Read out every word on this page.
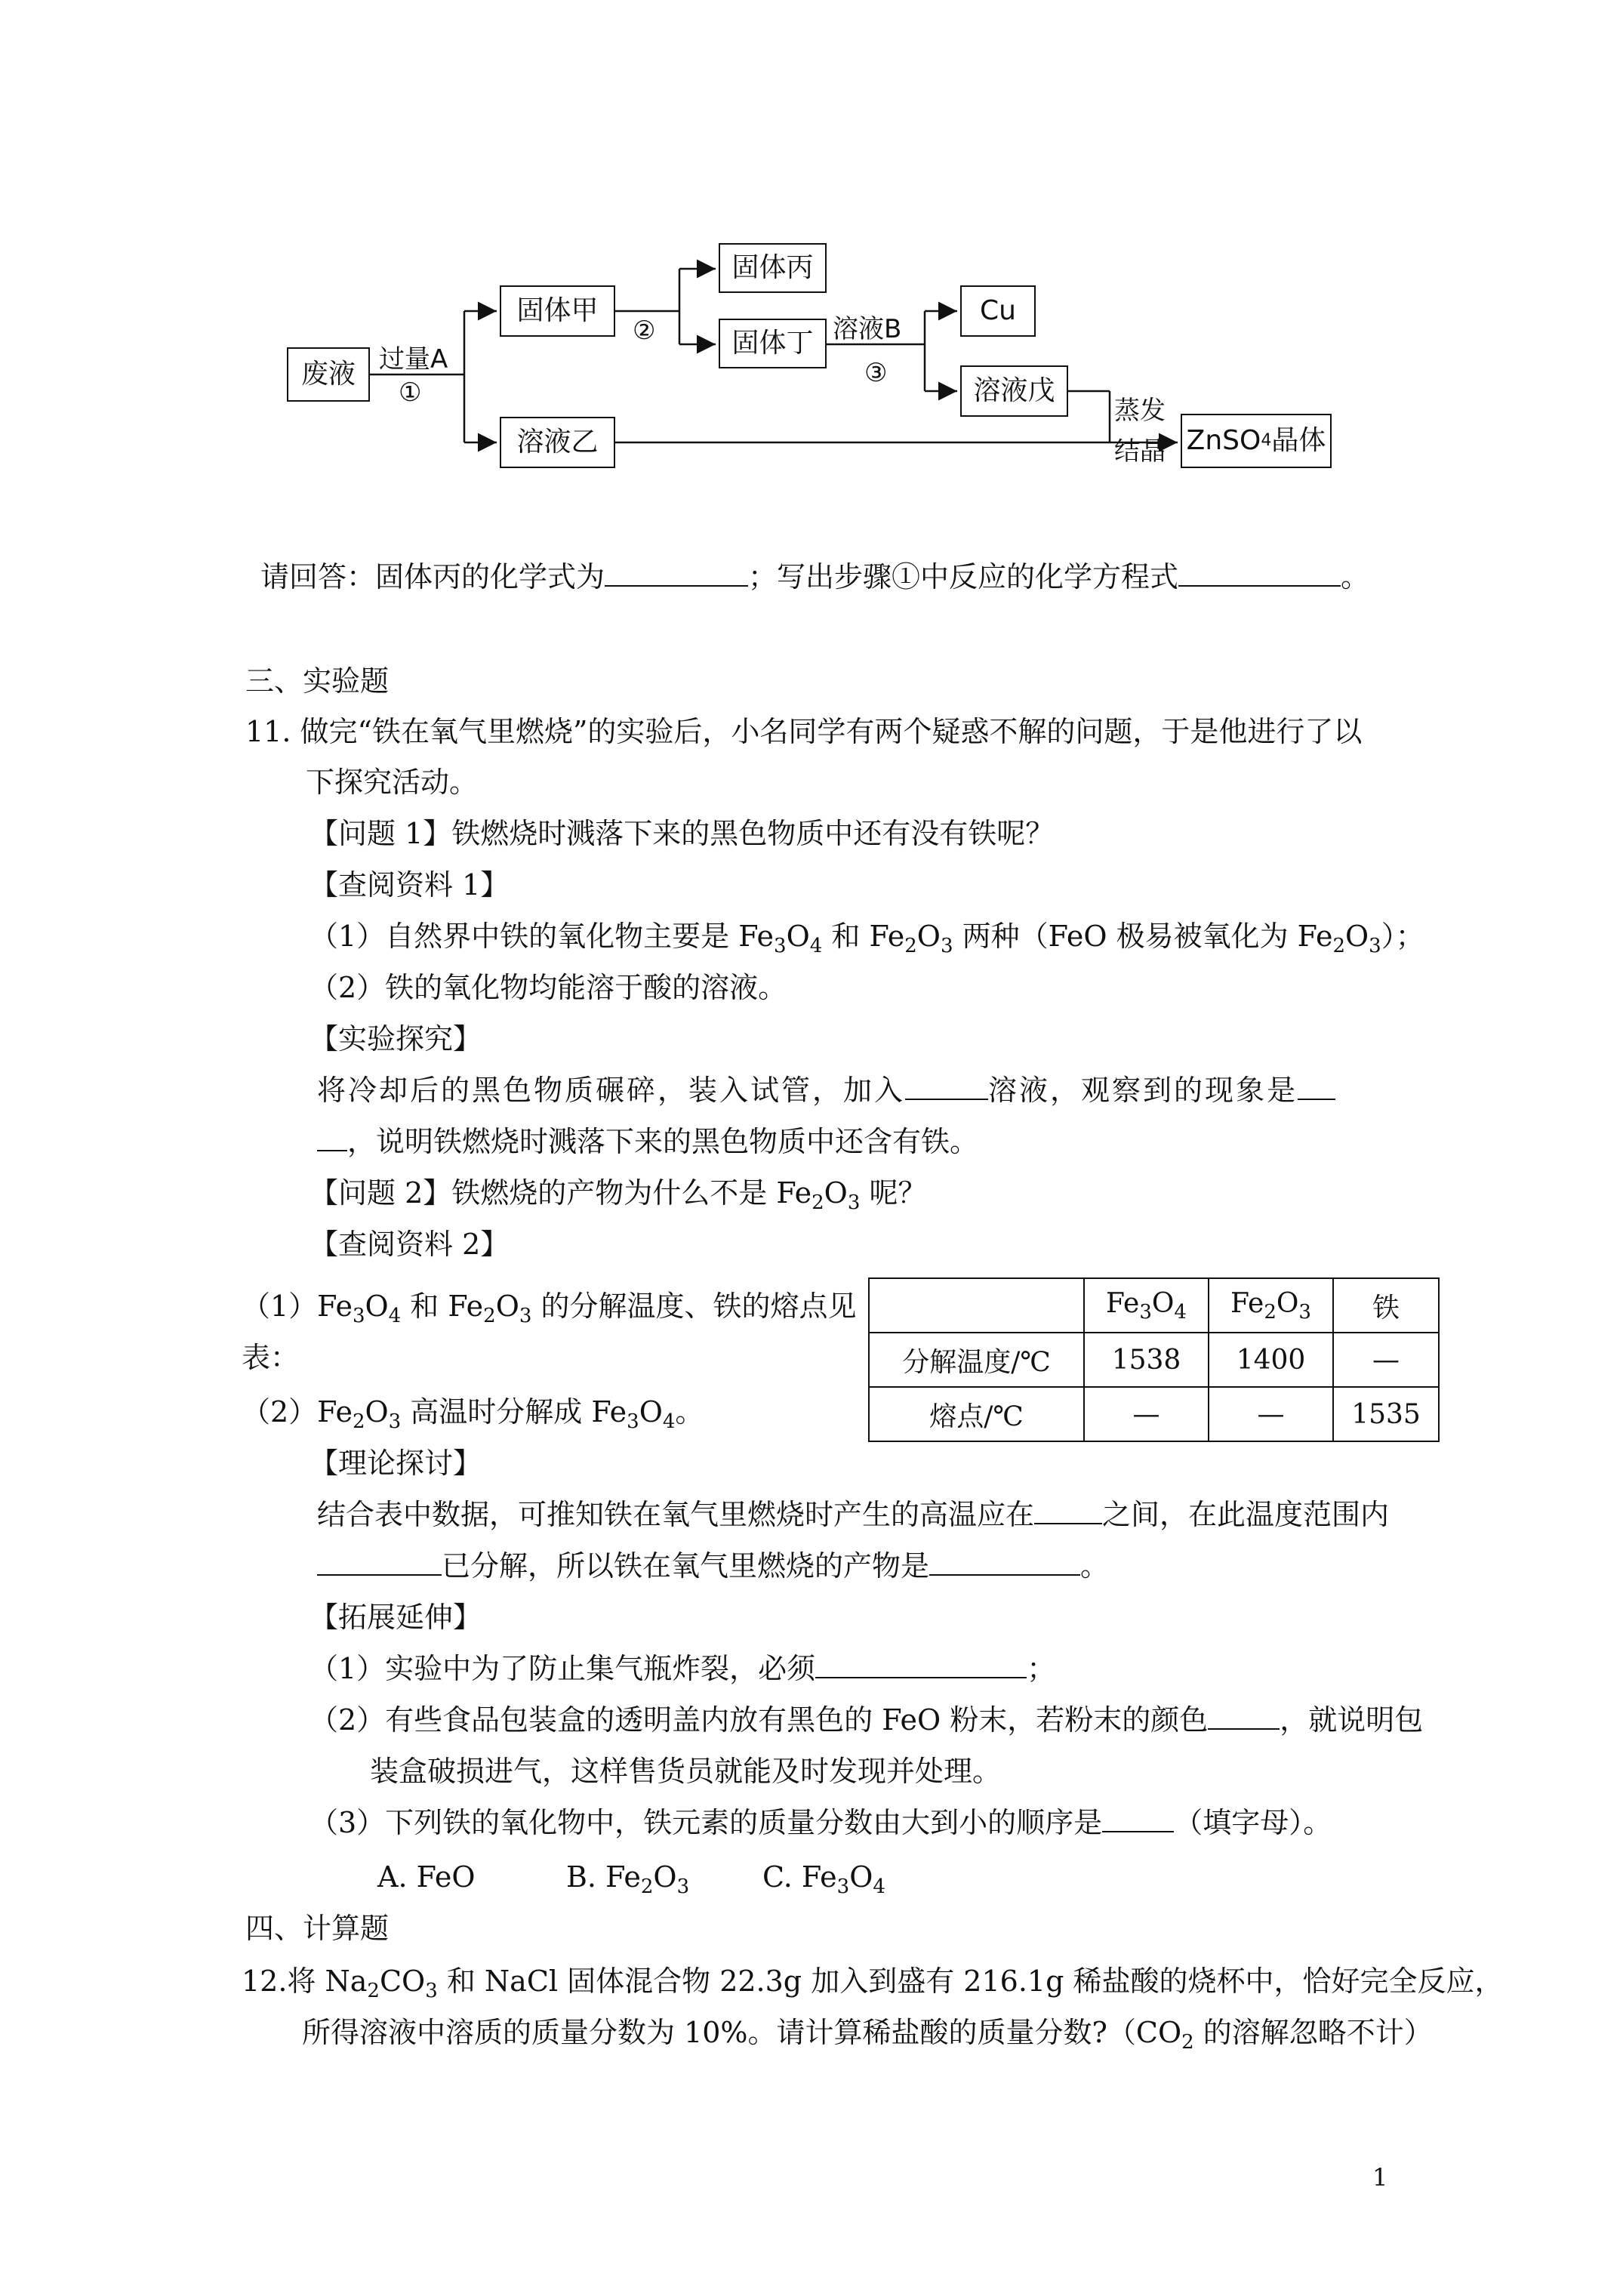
废液
固体甲
固体丙
固体丁
Cu
溶液戊
溶液乙	ZnSO 4 晶体
过量A
①
②	溶液B
③
蒸发
结晶
请回答：固体丙的化学式为	；写出步骤①中反应的化学方程式	。
三、实验题
11. 做完“铁在氧气里燃烧”的实验后，小名同学有两个疑惑不解的问题，于是他进行了以
下探究活动。
【问题 1】铁燃烧时溅落下来的黑色物质中还有没有铁呢？
【查阅资料 1】
（1）自然界中铁的氧化物主要是 $Fe_3O_4$ 和 $Fe_2O_3$ 两种（FeO 极易被氧化为 $Fe_2O_3$）；
（2）铁的氧化物均能溶于酸的溶液。
【实验探究】
将冷却后的黑色物质碾碎，装入试管，加入	溶液，观察到的现象是
，说明铁燃烧时溅落下来的黑色物质中还含有铁。
【问题 2】铁燃烧的产物为什么不是 $Fe_2O_3$ 呢？
【查阅资料 2】
$(1)Fe_3O_4$ 和 $Fe_2O_3$ 的分解温度、铁的熔点见
表：
$(2)Fe_2O_3$ 高温时分解成 $Fe_3O_4$。
	$Fe_3O_4$	$Fe_2O_3$	铁
分解温度/℃	1538	1400	—
熔点/℃	—	—	1535
【理论探讨】
结合表中数据，可推知铁在氧气里燃烧时产生的高温应在 之间，在此温度范围内
已分解，所以铁在氧气里燃烧的产物是	。
【拓展延伸】
（1）实验中为了防止集气瓶炸裂，必须	；
（2）有些食品包装盒的透明盖内放有黑色的 FeO 粉末，若粉末的颜色	，就说明包
装盒破损进气，这样售货员就能及时发现并处理。
（3）下列铁的氧化物中，铁元素的质量分数由大到小的顺序是	（填字母）。
A. FeO	B. $Fe_2O_3$	C. $Fe_3O_4$
四、计算题
12.将 $Na_2CO_3$ 和 NaCl 固体混合物 22.3g 加入到盛有 216.1g 稀盐酸的烧杯中，恰好完全反应，
所得溶液中溶质的质量分数为 10%。请计算稀盐酸的质量分数$?(CO_2$ 的溶解忽略不计）
1
